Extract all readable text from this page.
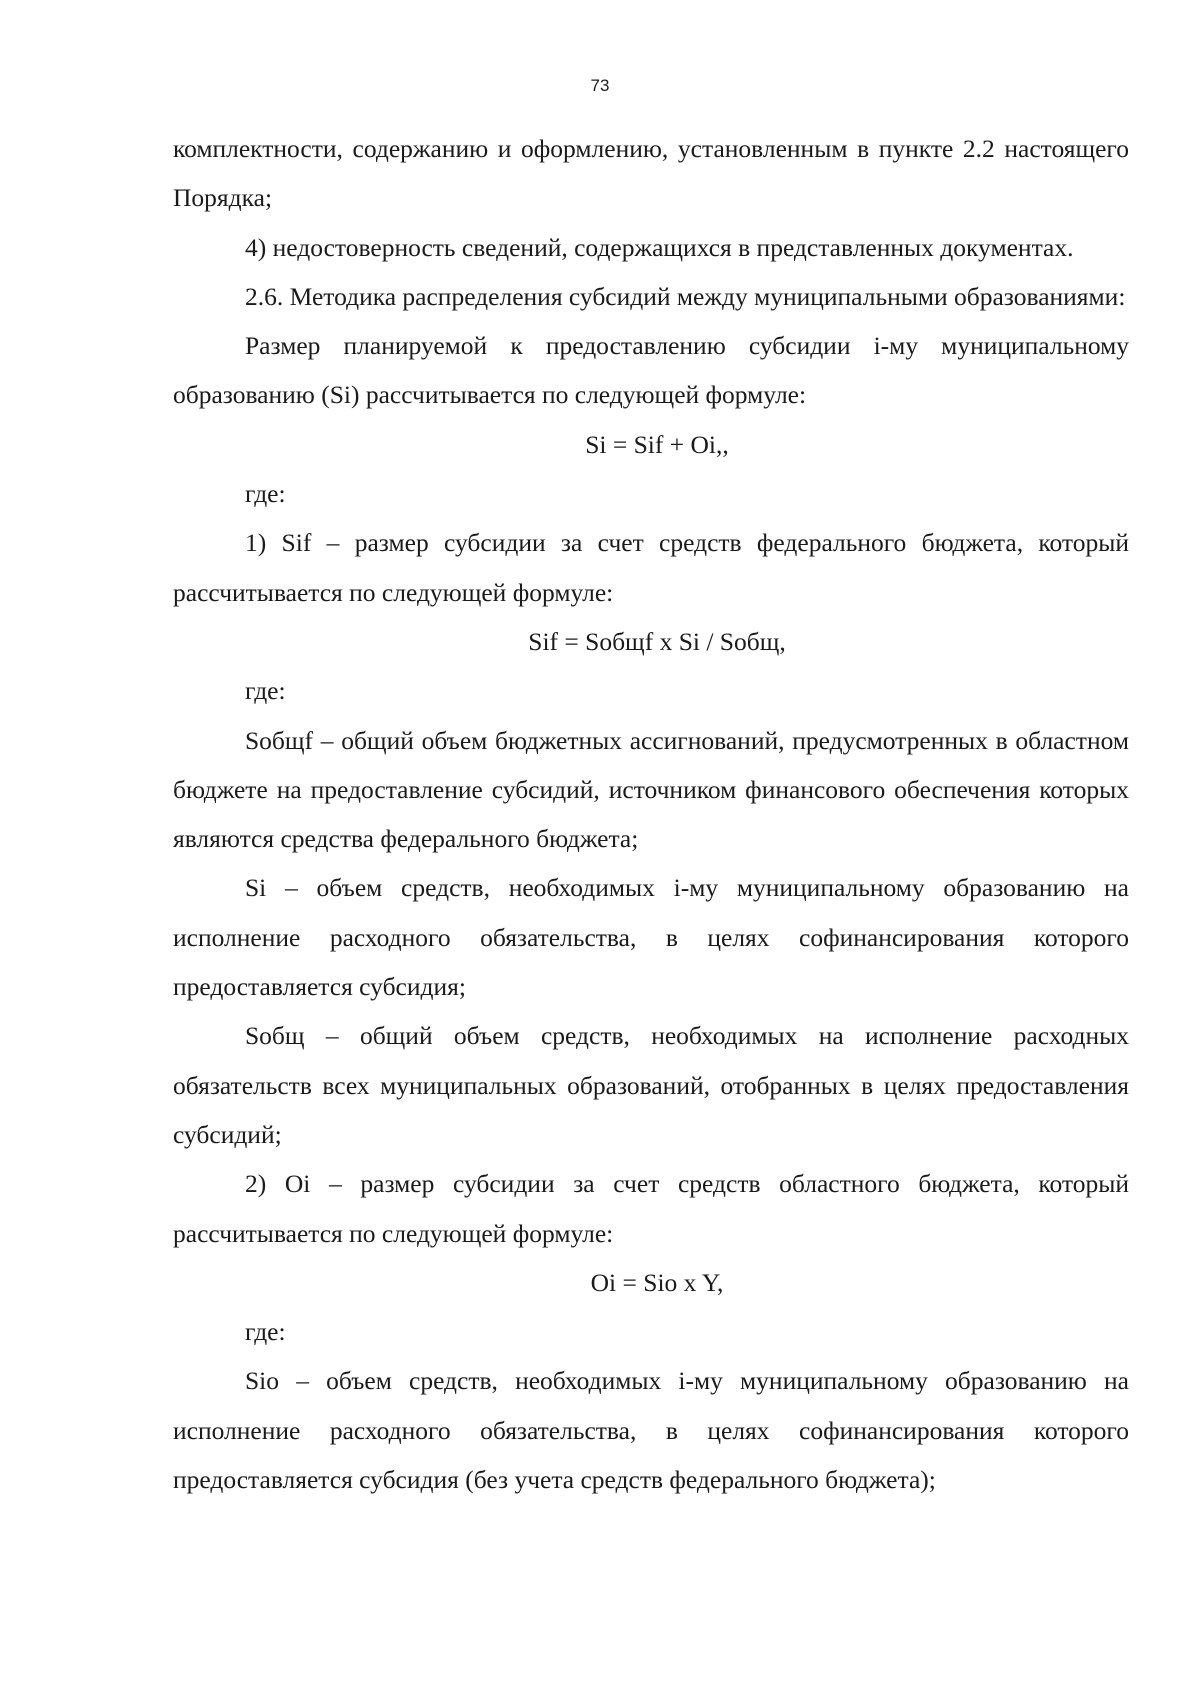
73

комплектности, содержанию и оформлению, установленным в пункте 2.2 настоящего Порядка;

4) недостоверность сведений, содержащихся в представленных документах.

2.6. Методика распределения субсидий между муниципальными образованиями:

Размер планируемой к предоставлению субсидии i-му муниципальному образованию (Si) рассчитывается по следующей формуле:

Si = Sif + Oi,,

где:

1) Sif – размер субсидии за счет средств федерального бюджета, который рассчитывается по следующей формуле:

Sif = Sобщf x Si / Sобщ,

где:

Sобщf – общий объем бюджетных ассигнований, предусмотренных в областном бюджете на предоставление субсидий, источником финансового обеспечения которых являются средства федерального бюджета;

Si – объем средств, необходимых i-му муниципальному образованию на исполнение расходного обязательства, в целях софинансирования которого предоставляется субсидия;

Sобщ – общий объем средств, необходимых на исполнение расходных обязательств всех муниципальных образований, отобранных в целях предоставления субсидий;

2) Oi – размер субсидии за счет средств областного бюджета, который рассчитывается по следующей формуле:

Oi = Sio x Y,

где:

Sio – объем средств, необходимых i-му муниципальному образованию на исполнение расходного обязательства, в целях софинансирования которого предоставляется субсидия (без учета средств федерального бюджета);
